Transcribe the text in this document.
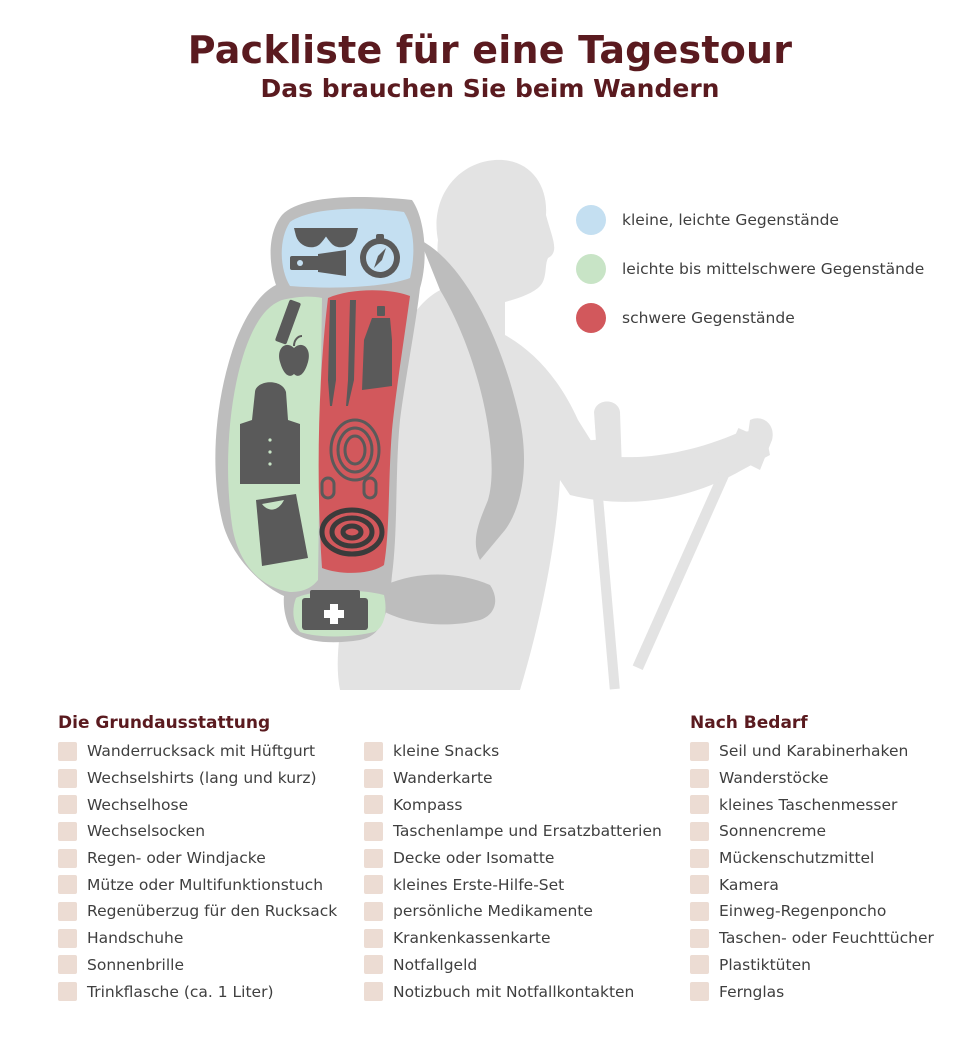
Packliste für eine Tagestour
Das brauchen Sie beim Wandern
kleine, leichte Gegenstände
leichte bis mittelschwere Gegenstände
schwere Gegenstände
Die Grundausstattung
Wanderrucksack mit Hüftgurt
Wechselshirts (lang und kurz)
Wechselhose
Wechselsocken
Regen- oder Windjacke
Mütze oder Multifunktionstuch
Regenüberzug für den Rucksack
Handschuhe
Sonnenbrille
Trinkflasche (ca. 1 Liter)
kleine Snacks
Wanderkarte
Kompass
Taschenlampe und Ersatzbatterien
Decke oder Isomatte
kleines Erste-Hilfe-Set
persönliche Medikamente
Krankenkassenkarte
Notfallgeld
Notizbuch mit Notfallkontakten
Nach Bedarf
Seil und Karabinerhaken
Wanderstöcke
kleines Taschenmesser
Sonnencreme
Mückenschutzmittel
Kamera
Einweg-Regenponcho
Taschen- oder Feuchttücher
Plastiktüten
Fernglas
